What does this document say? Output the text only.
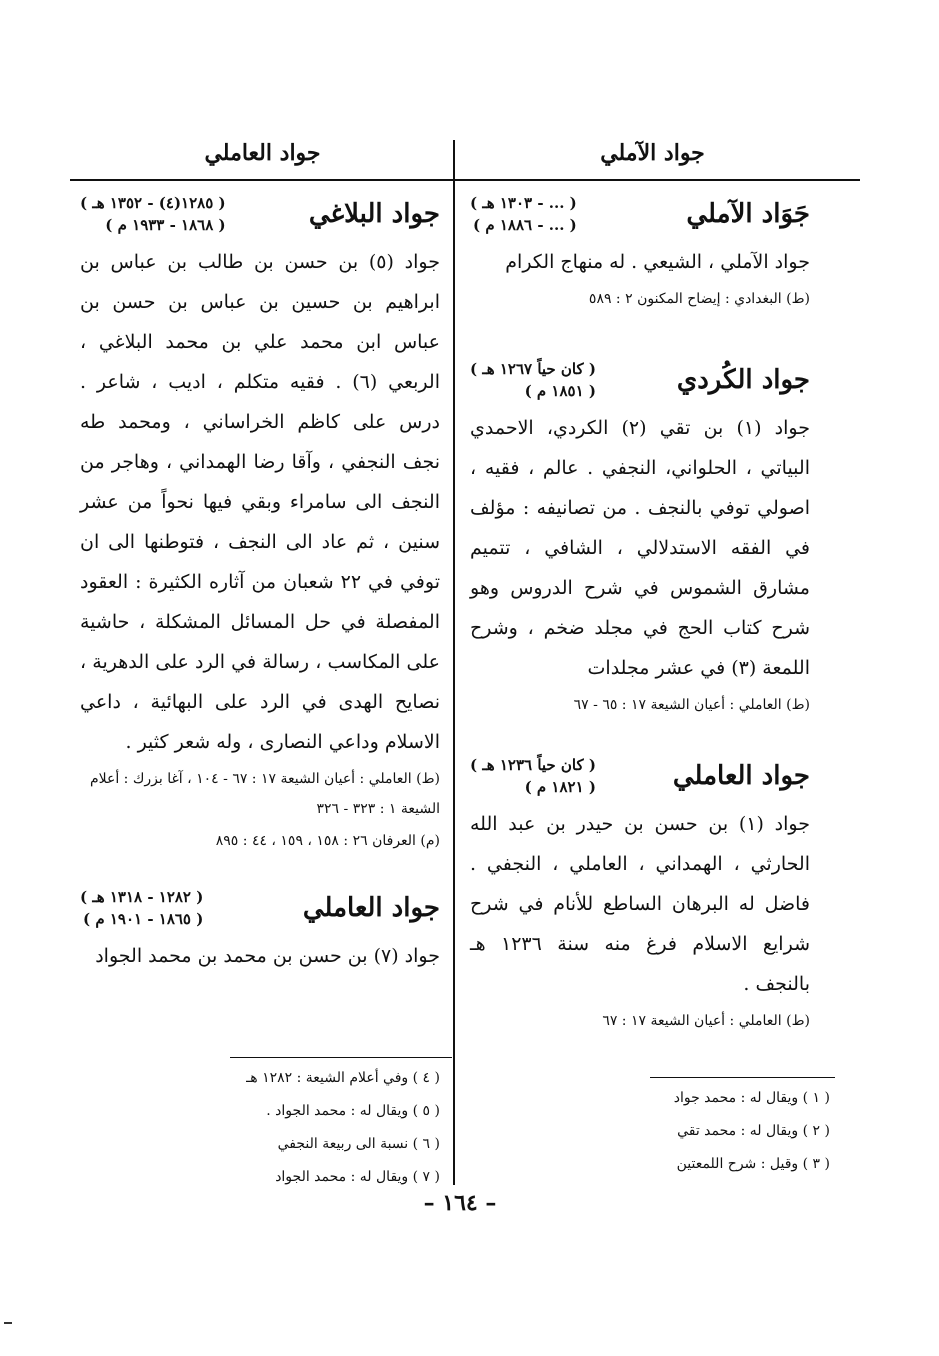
جواد الآملي
جواد العاملي
جَوَاد الآملي
( ... - ١٣٠٣ هـ )
( ... - ١٨٨٦ م )
جواد الآملي ، الشيعي . له منهاج الكرام
(ط) البغدادي : إيضاح المكنون ٢ : ٥٨٩
جواد الكُردي
( كان حياً ١٢٦٧ هـ )
( ١٨٥١ م )
جواد (١) بن تقي (٢) الكردي، الاحمدي البياتي ، الحلواني، النجفي . عالم ، فقيه ، اصولي توفي بالنجف . من تصانيفه : مؤلف في الفقه الاستدلالي ، الشافي ، تتميم مشارق الشموس في شرح الدروس وهو شرح كتاب الحج في مجلد ضخم ، وشرح اللمعة (٣) في عشر مجلدات
(ط) العاملي : أعيان الشيعة ١٧ : ٦٥ - ٦٧
جواد العاملي
( كان حياً ١٢٣٦ هـ )
( ١٨٢١ م )
جواد (١) بن حسن بن حيدر بن عبد الله الحارثي ، الهمداني ، العاملي ، النجفي . فاضل له البرهان الساطع للأنام في شرح شرايع الاسلام فرغ منه سنة ١٢٣٦ هـ بالنجف .
(ط) العاملي : أعيان الشيعة ١٧ : ٦٧
( ١ ) ويقال له : محمد جواد
( ٢ ) ويقال له : محمد تقي
( ٣ ) وقيل : شرح اللمعتين
جواد البلاغي
( ١٢٨٥(٤) - ١٣٥٢ هـ )
( ١٨٦٨ - ١٩٣٣ م )
جواد (٥) بن حسن بن طالب بن عباس بن ابراهيم بن حسين بن عباس بن حسن بن عباس ابن محمد علي بن محمد البلاغي ، الربعي (٦) . فقيه متكلم ، اديب ، شاعر . درس على كاظم الخراساني ، ومحمد طه نجف النجفي ، وآقا رضا الهمداني ، وهاجر من النجف الى سامراء وبقي فيها نحواً من عشر سنين ، ثم عاد الى النجف ، فتوطنها الى ان توفي في ٢٢ شعبان من آثاره الكثيرة : العقود المفصلة في حل المسائل المشكلة ، حاشية على المكاسب ، رسالة في الرد على الدهرية ، نصايح الهدى في الرد على البهائية ، داعي الاسلام وداعي النصارى ، وله شعر كثير .
(ط) العاملي : أعيان الشيعة ١٧ : ٦٧ - ١٠٤ ، آغا بزرك : أعلام الشيعة ١ : ٣٢٣ - ٣٢٦
(م) العرفان ٢٦ : ١٥٨ ، ١٥٩ ، ٤٤ : ٨٩٥
جواد العاملي
( ١٢٨٢ - ١٣١٨ هـ )
( ١٨٦٥ - ١٩٠١ م )
جواد (٧) بن حسن بن محمد بن محمد الجواد
( ٤ ) وفي أعلام الشيعة : ١٢٨٢ هـ
( ٥ ) ويقال له : محمد الجواد .
( ٦ ) نسبة الى ربيعة النجفي
( ٧ ) ويقال له : محمد الجواد
– ١٦٤ –
